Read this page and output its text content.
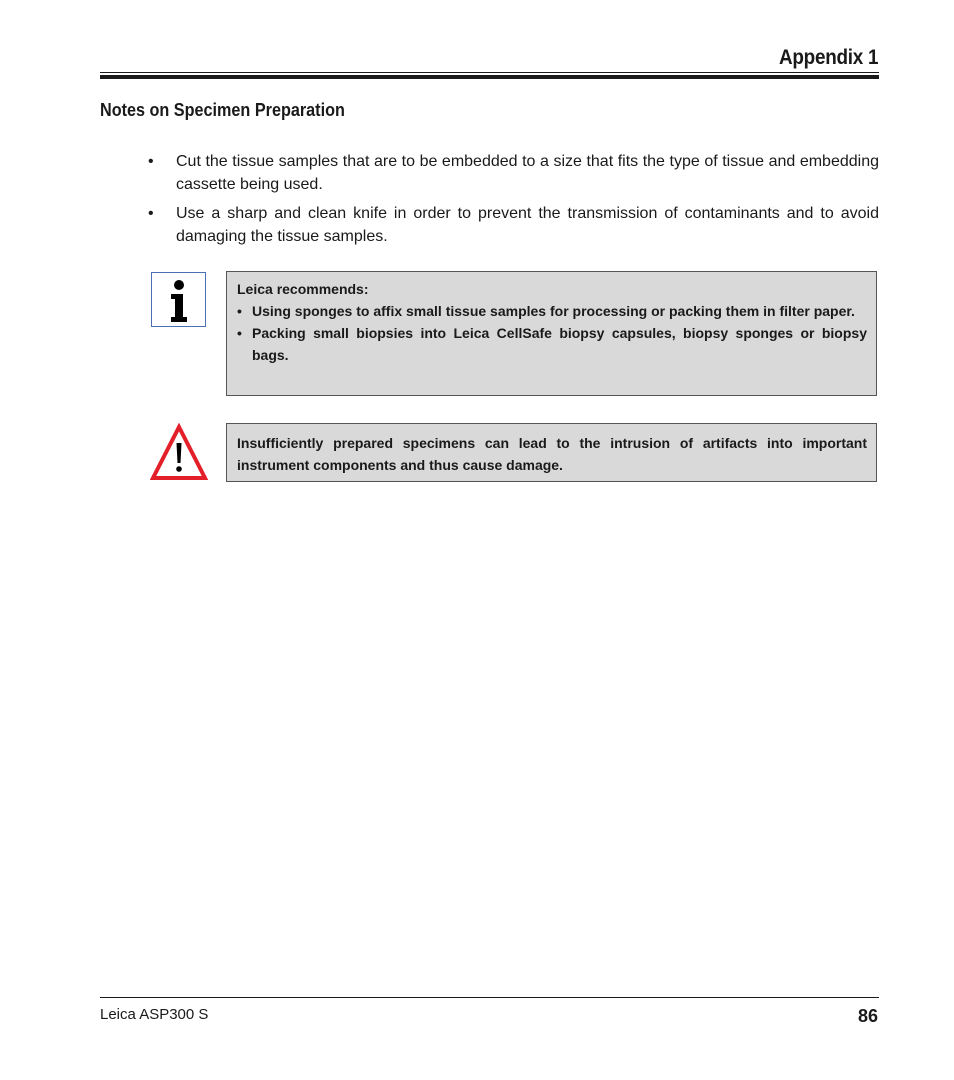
Appendix 1
Notes on Specimen Preparation
• Cut the tissue samples that are to be embedded to a size that fits the type of tissue and embedding cassette being used.
• Use a sharp and clean knife in order to prevent the transmission of contaminants and to avoid damaging the tissue samples.

Leica recommends:

• Using sponges to affix small tissue samples for processing or packing them in filter paper.
• Packing small biopsies into Leica CellSafe biopsy capsules, biopsy sponges or biopsy bags.

Insufficiently prepared specimens can lead to the intrusion of artifacts into important instrument components and thus cause damage.

Leica ASP300 S	86
